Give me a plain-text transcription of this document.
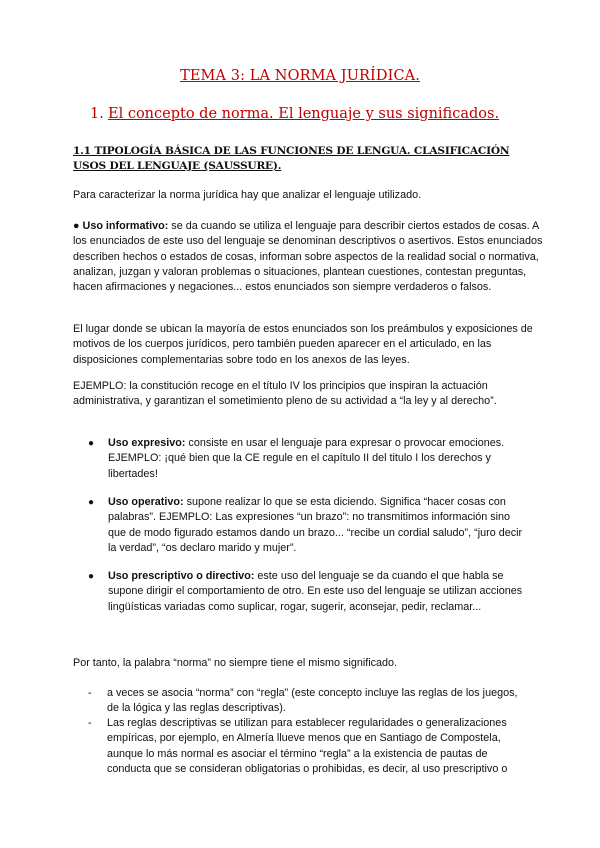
TEMA 3: LA NORMA JURÍDICA.
1. El concepto de norma. El lenguaje y sus significados.
1.1 TIPOLOGÍA BÁSICA DE LAS FUNCIONES DE LENGUA. CLASIFICACIÓN USOS DEL LENGUAJE (SAUSSURE).

Para caracterizar la norma jurídica hay que analizar el lenguaje utilizado.

● Uso informativo: se da cuando se utiliza el lenguaje para describir ciertos estados de cosas. A los enunciados de este uso del lenguaje se denominan descriptivos o asertivos. Estos enunciados describen hechos o estados de cosas, informan sobre aspectos de la realidad social o normativa, analizan, juzgan y valoran problemas o situaciones, plantean cuestiones, contestan preguntas, hacen afirmaciones y negaciones... estos enunciados son siempre verdaderos o falsos.

El lugar donde se ubican la mayoría de estos enunciados son los preámbulos y exposiciones de motivos de los cuerpos jurídicos, pero también pueden aparecer en el articulado, en las disposiciones complementarias sobre todo en los anexos de las leyes.

EJEMPLO: la constitución recoge en el título IV los principios que inspiran la actuación administrativa, y garantizan el sometimiento pleno de su actividad a “la ley y al derecho”.

●	Uso expresivo: consiste en usar el lenguaje para expresar o provocar emociones. EJEMPLO: ¡qué bien que la CE regule en el capítulo II del titulo I los derechos y libertades!
●	Uso operativo: supone realizar lo que se esta diciendo. Significa “hacer cosas con palabras”. EJEMPLO: Las expresiones “un brazo”: no transmitimos información sino que de modo figurado estamos dando un brazo... “recibe un cordial saludo”, “juro decir la verdad”, “os declaro marido y mujer”.
●	Uso prescriptivo o directivo: este uso del lenguaje se da cuando el que habla se supone dirigir el comportamiento de otro. En este uso del lenguaje se utilizan acciones lingüísticas variadas como suplicar, rogar, sugerir, aconsejar, pedir, reclamar...

Por tanto, la palabra “norma” no siempre tiene el mismo significado.

- a veces se asocia “norma” con “regla” (este concepto incluye las reglas de los juegos, de la lógica y las reglas descriptivas).
- Las reglas descriptivas se utilizan para establecer regularidades o generalizaciones empíricas, por ejemplo, en Almería llueve menos que en Santiago de Compostela, aunque lo más normal es asociar el término “regla” a la existencia de pautas de conducta que se consideran obligatorias o prohibidas, es decir, al uso prescriptivo o
